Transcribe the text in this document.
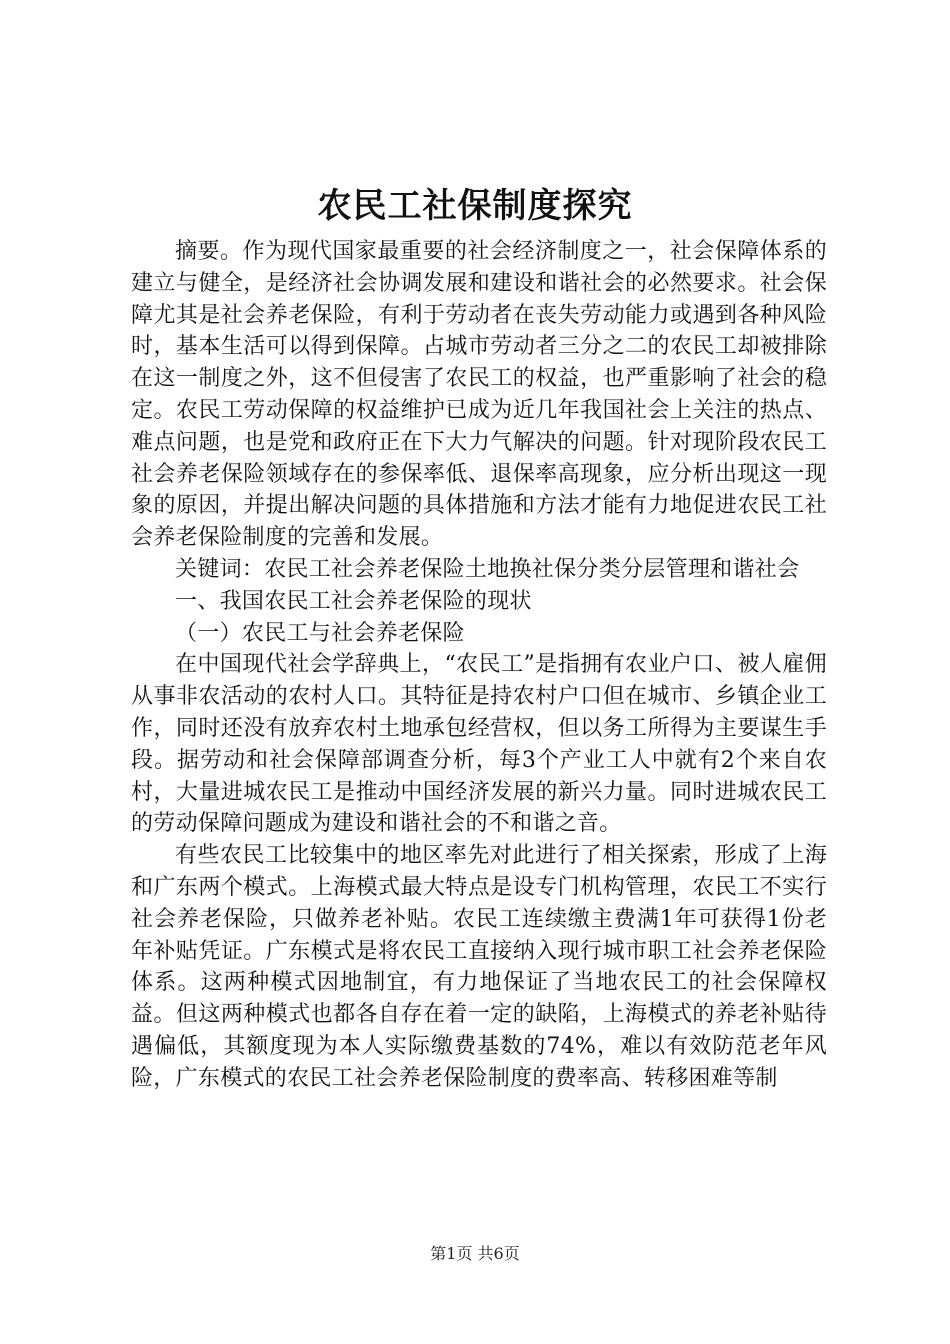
农民工社保制度探究

摘要。作为现代国家最重要的社会经济制度之一，社会保障体系的建立与健全，是经济社会协调发展和建设和谐社会的必然要求。社会保障尤其是社会养老保险，有利于劳动者在丧失劳动能力或遇到各种风险时，基本生活可以得到保障。占城市劳动者三分之二的农民工却被排除在这一制度之外，这不但侵害了农民工的权益，也严重影响了社会的稳定。农民工劳动保障的权益维护已成为近几年我国社会上关注的热点、难点问题，也是党和政府正在下大力气解决的问题。针对现阶段农民工社会养老保险领域存在的参保率低、退保率高现象，应分析出现这一现象的原因，并提出解决问题的具体措施和方法才能有力地促进农民工社会养老保险制度的完善和发展。

关键词：农民工社会养老保险土地换社保分类分层管理和谐社会

一、我国农民工社会养老保险的现状

（一）农民工与社会养老保险

在中国现代社会学辞典上，“农民工”是指拥有农业户口、被人雇佣从事非农活动的农村人口。其特征是持农村户口但在城市、乡镇企业工作，同时还没有放弃农村土地承包经营权，但以务工所得为主要谋生手段。据劳动和社会保障部调查分析，每3个产业工人中就有2个来自农村，大量进城农民工是推动中国经济发展的新兴力量。同时进城农民工的劳动保障问题成为建设和谐社会的不和谐之音。

有些农民工比较集中的地区率先对此进行了相关探索，形成了上海和广东两个模式。上海模式最大特点是设专门机构管理，农民工不实行社会养老保险，只做养老补贴。农民工连续缴主费满1年可获得1份老年补贴凭证。广东模式是将农民工直接纳入现行城市职工社会养老保险体系。这两种模式因地制宜，有力地保证了当地农民工的社会保障权益。但这两种模式也都各自存在着一定的缺陷，上海模式的养老补贴待遇偏低，其额度现为本人实际缴费基数的74%，难以有效防范老年风险，广东模式的农民工社会养老保险制度的费率高、转移困难等制

第1页 共6页
